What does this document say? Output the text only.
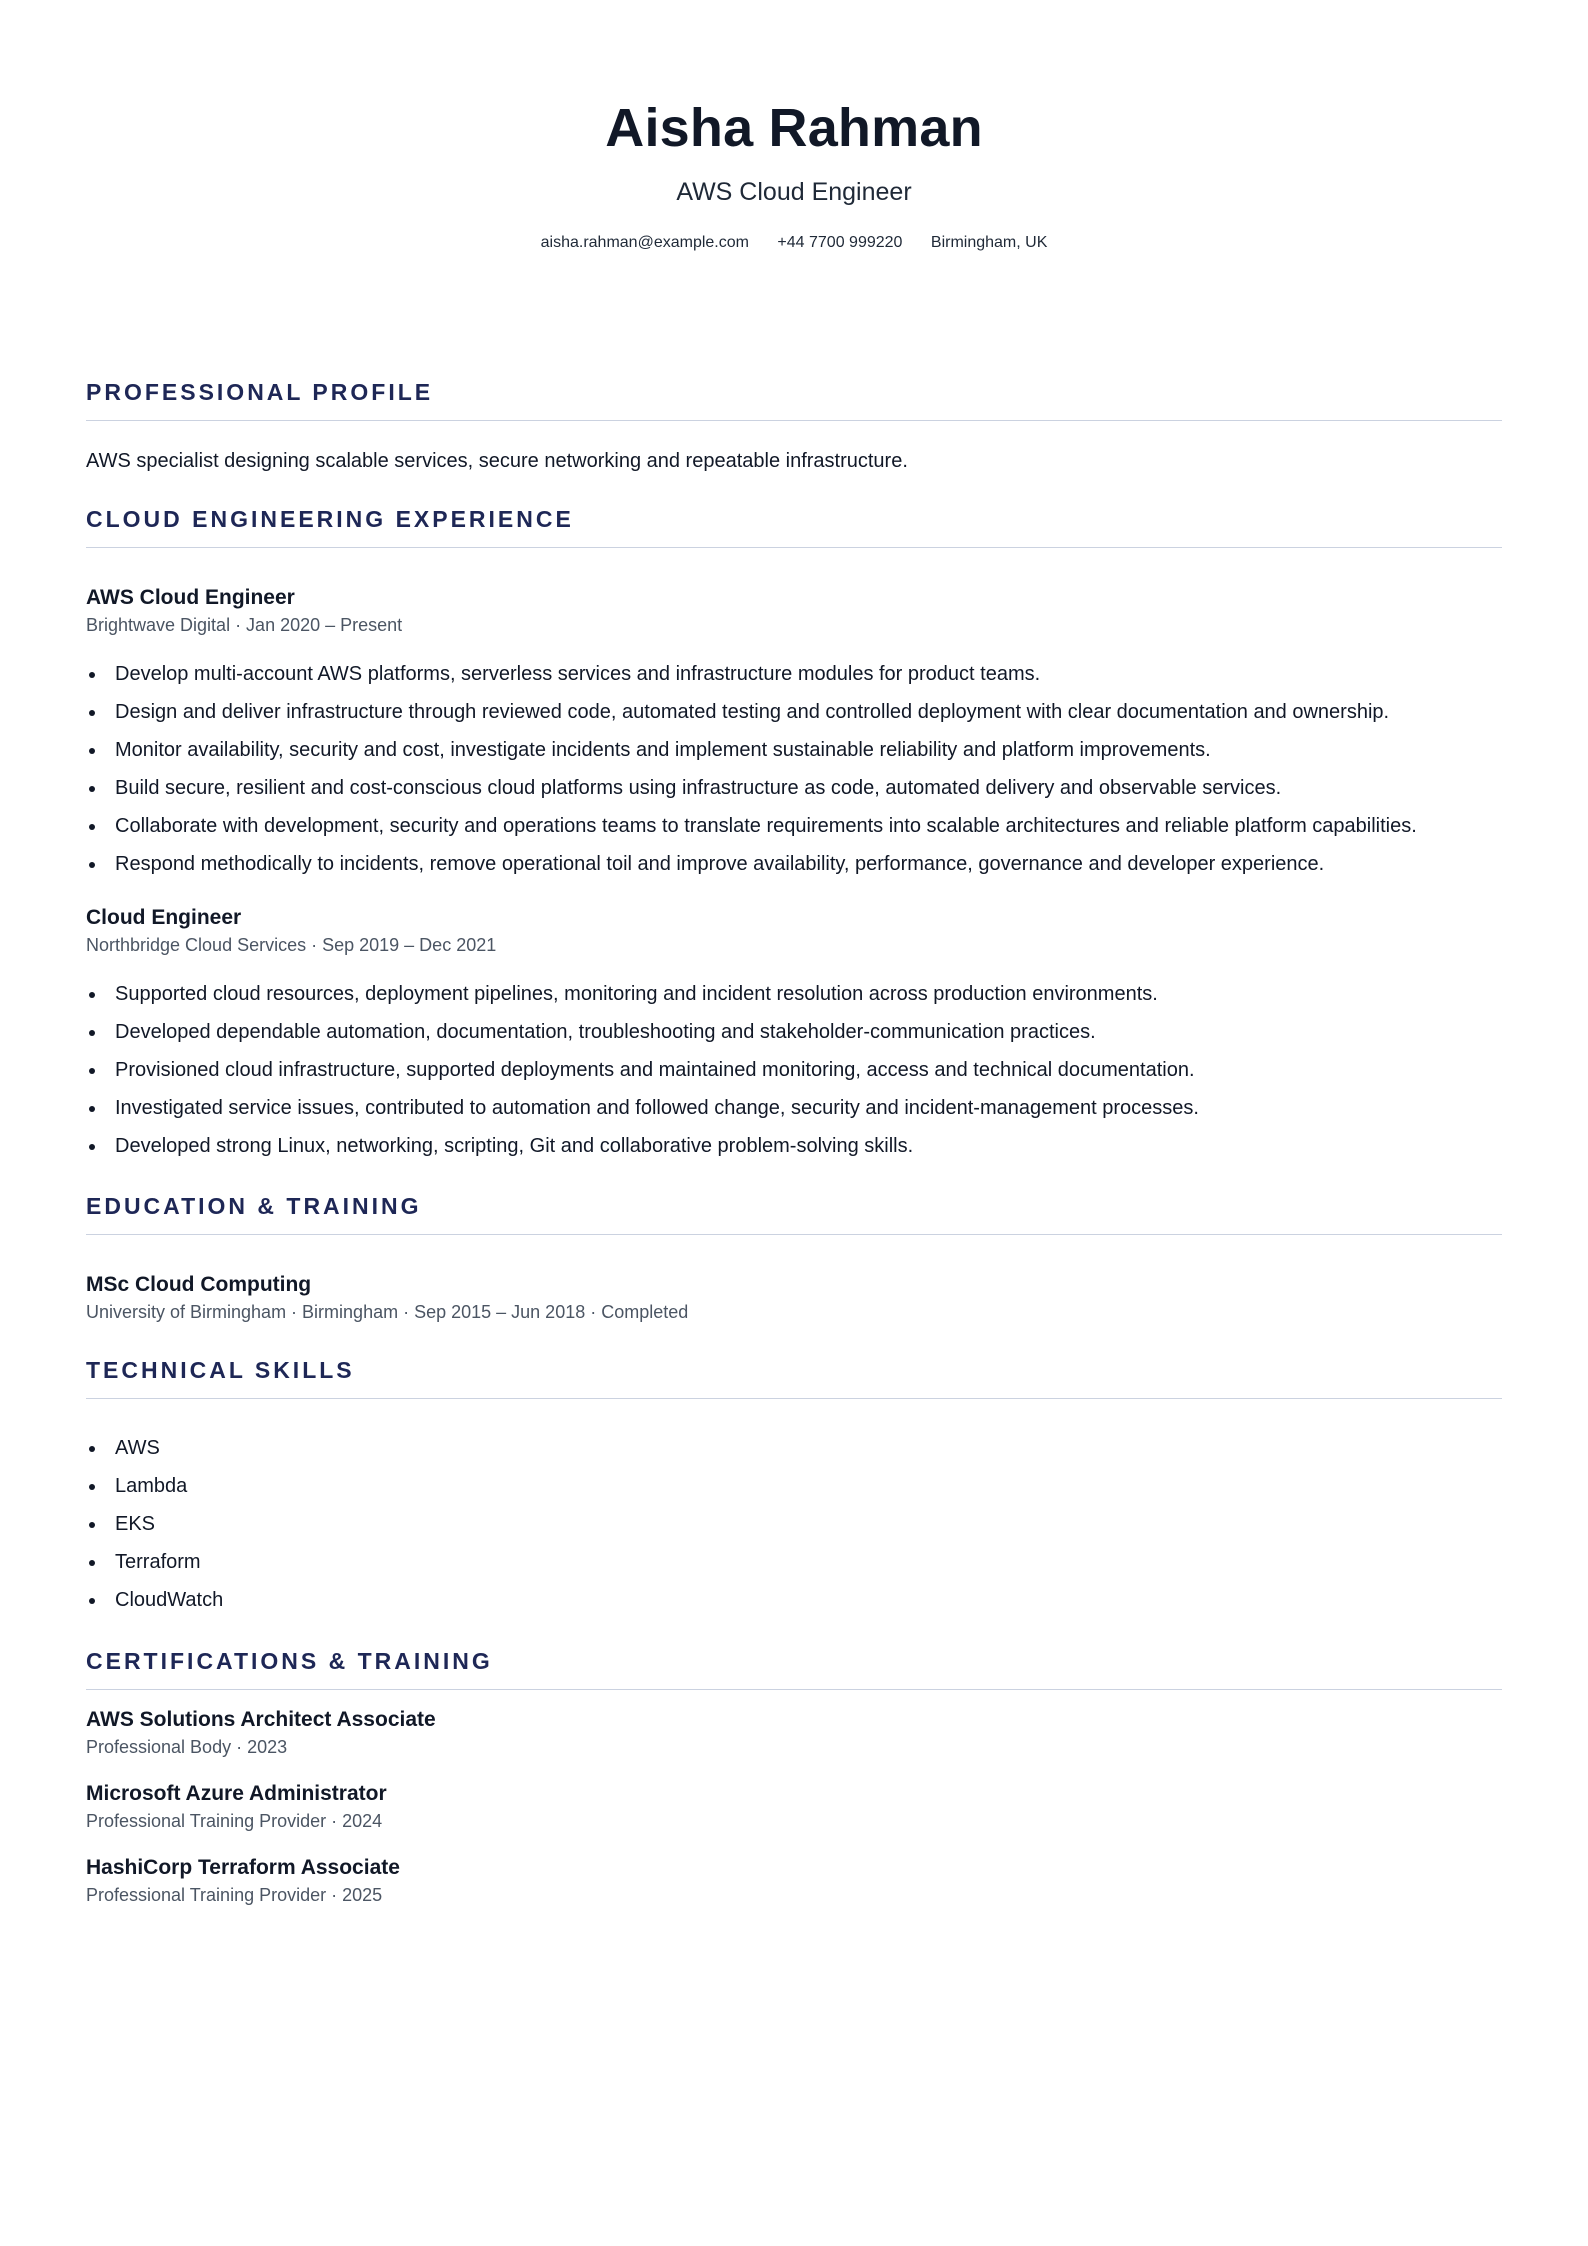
Aisha Rahman
AWS Cloud Engineer
aisha.rahman@example.com +44 7700 999220 Birmingham, UK
PROFESSIONAL PROFILE
AWS specialist designing scalable services, secure networking and repeatable infrastructure.
CLOUD ENGINEERING EXPERIENCE
AWS Cloud Engineer
Brightwave Digital · Jan 2020 – Present
Develop multi-account AWS platforms, serverless services and infrastructure modules for product teams.
Design and deliver infrastructure through reviewed code, automated testing and controlled deployment with clear documentation and ownership.
Monitor availability, security and cost, investigate incidents and implement sustainable reliability and platform improvements.
Build secure, resilient and cost-conscious cloud platforms using infrastructure as code, automated delivery and observable services.
Collaborate with development, security and operations teams to translate requirements into scalable architectures and reliable platform capabilities.
Respond methodically to incidents, remove operational toil and improve availability, performance, governance and developer experience.
Cloud Engineer
Northbridge Cloud Services · Sep 2019 – Dec 2021
Supported cloud resources, deployment pipelines, monitoring and incident resolution across production environments.
Developed dependable automation, documentation, troubleshooting and stakeholder-communication practices.
Provisioned cloud infrastructure, supported deployments and maintained monitoring, access and technical documentation.
Investigated service issues, contributed to automation and followed change, security and incident-management processes.
Developed strong Linux, networking, scripting, Git and collaborative problem-solving skills.
EDUCATION & TRAINING
MSc Cloud Computing
University of Birmingham · Birmingham · Sep 2015 – Jun 2018 · Completed
TECHNICAL SKILLS
AWS
Lambda
EKS
Terraform
CloudWatch
CERTIFICATIONS & TRAINING
AWS Solutions Architect Associate
Professional Body · 2023
Microsoft Azure Administrator
Professional Training Provider · 2024
HashiCorp Terraform Associate
Professional Training Provider · 2025
